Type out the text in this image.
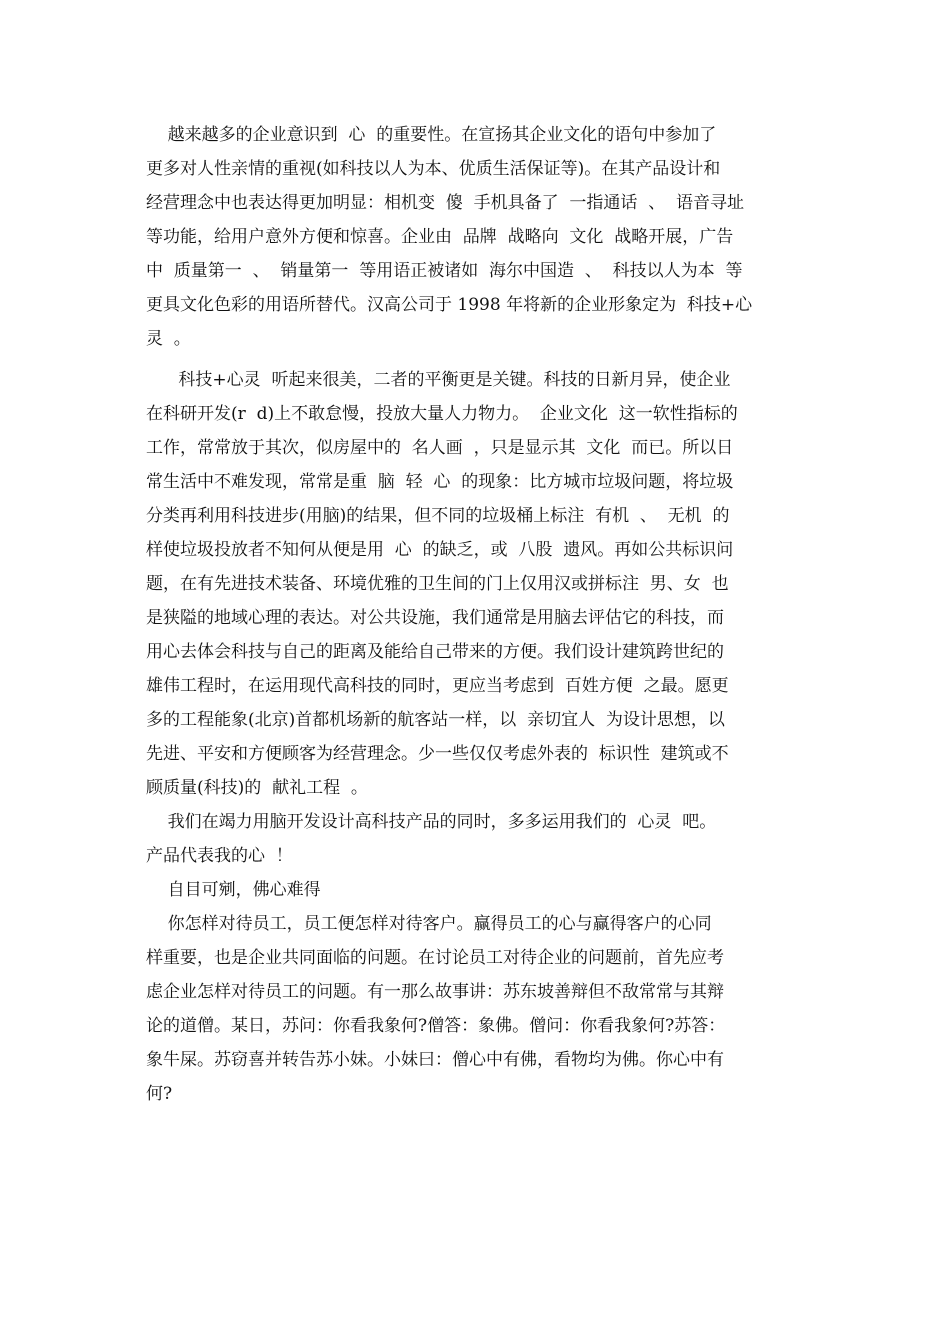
越来越多的企业意识到  心  的重要性。在宣扬其企业文化的语句中参加了
更多对人性亲情的重视(如科技以人为本、优质生活保证等)。在其产品设计和
经营理念中也表达得更加明显：相机变  傻  手机具备了  一指通话  、  语音寻址
等功能，给用户意外方便和惊喜。企业由  品牌  战略向  文化  战略开展，广告
中  质量第一  、  销量第一  等用语正被诸如  海尔中国造  、  科技以人为本  等
更具文化色彩的用语所替代。汉高公司于 1998 年将新的企业形象定为  科技+心
灵  。
科技+心灵  听起来很美，二者的平衡更是关键。科技的日新月异，使企业
在科研开发(r  d)上不敢怠慢，投放大量人力物力。  企业文化  这一软性指标的
工作，常常放于其次，似房屋中的  名人画  ，只是显示其  文化  而已。所以日
常生活中不难发现，常常是重  脑  轻  心  的现象：比方城市垃圾问题，将垃圾
分类再利用科技进步(用脑)的结果，但不同的垃圾桶上标注  有机  、  无机  的
样使垃圾投放者不知何从便是用  心  的缺乏，或  八股  遗风。再如公共标识问
题，在有先进技术装备、环境优雅的卫生间的门上仅用汉或拼标注  男、女  也
是狭隘的地域心理的表达。对公共设施，我们通常是用脑去评估它的科技，而
用心去体会科技与自己的距离及能给自己带来的方便。我们设计建筑跨世纪的
雄伟工程时，在运用现代高科技的同时，更应当考虑到  百姓方便  之最。愿更
多的工程能象(北京)首都机场新的航客站一样，以  亲切宜人  为设计思想，以
先进、平安和方便顾客为经营理念。少一些仅仅考虑外表的  标识性  建筑或不
顾质量(科技)的  献礼工程  。
我们在竭力用脑开发设计高科技产品的同时，多多运用我们的  心灵  吧。
产品代表我的心  ！
自目可剜，佛心难得
你怎样对待员工，员工便怎样对待客户。赢得员工的心与赢得客户的心同
样重要，也是企业共同面临的问题。在讨论员工对待企业的问题前，首先应考
虑企业怎样对待员工的问题。有一那么故事讲：苏东坡善辩但不敌常常与其辩
论的道僧。某日，苏问：你看我象何?僧答：象佛。僧问：你看我象何?苏答：
象牛屎。苏窃喜并转告苏小妹。小妹曰：僧心中有佛，看物均为佛。你心中有
何?
